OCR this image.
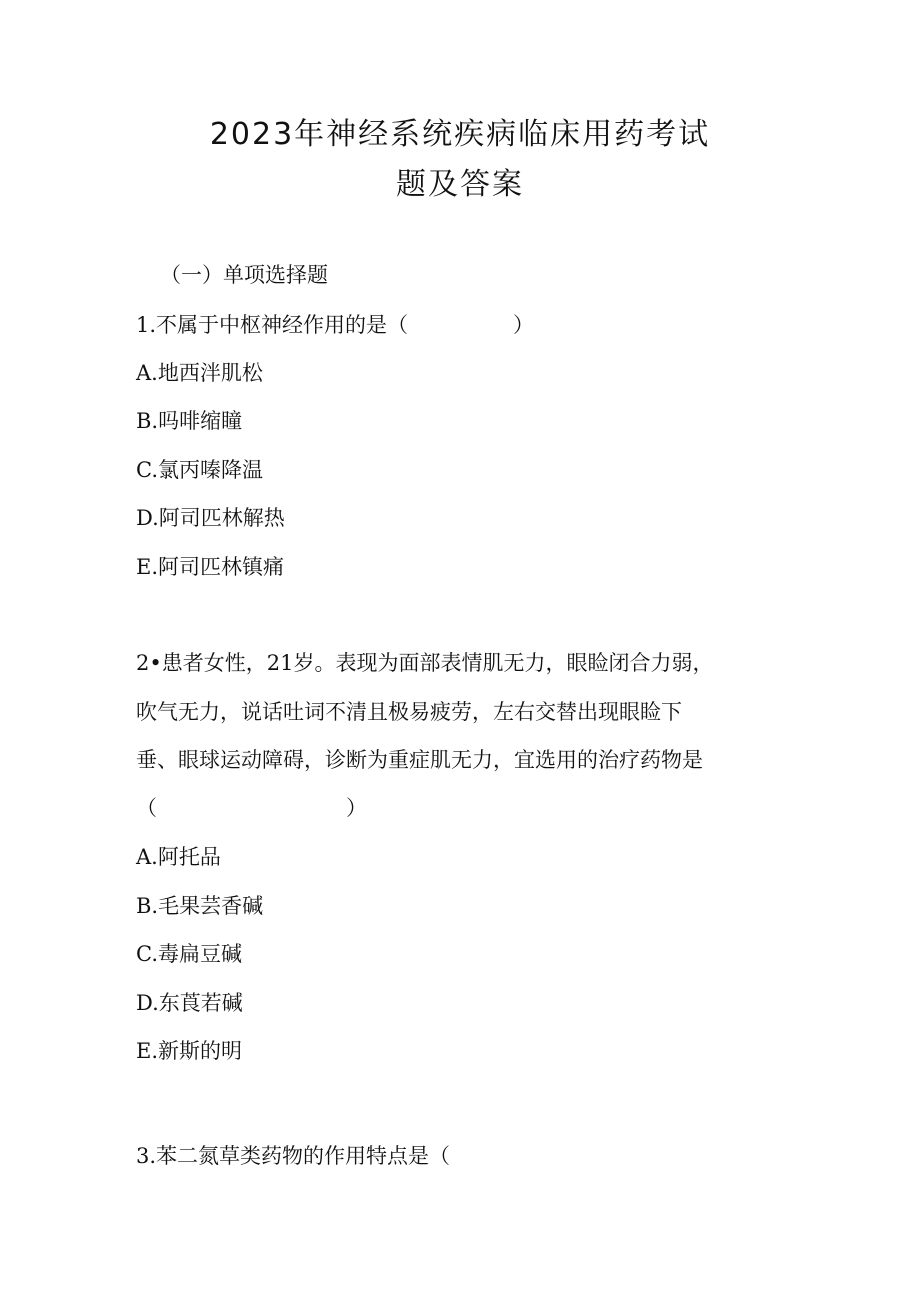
2023年神经系统疾病临床用药考试
题及答案

（一）单项选择题

1.不属于中枢神经作用的是（　　　　　）

A.地西泮肌松

B.吗啡缩瞳

C.氯丙嗪降温

D.阿司匹林解热

E.阿司匹林镇痛

2•患者女性，21岁。表现为面部表情肌无力，眼睑闭合力弱，

吹气无力，说话吐词不清且极易疲劳，左右交替出现眼睑下

垂、眼球运动障碍，诊断为重症肌无力，宜选用的治疗药物是

（　　　　　　　　　）

A.阿托品

B.毛果芸香碱

C.毒扁豆碱

D.东莨若碱

E.新斯的明

3.苯二氮草类药物的作用特点是（
